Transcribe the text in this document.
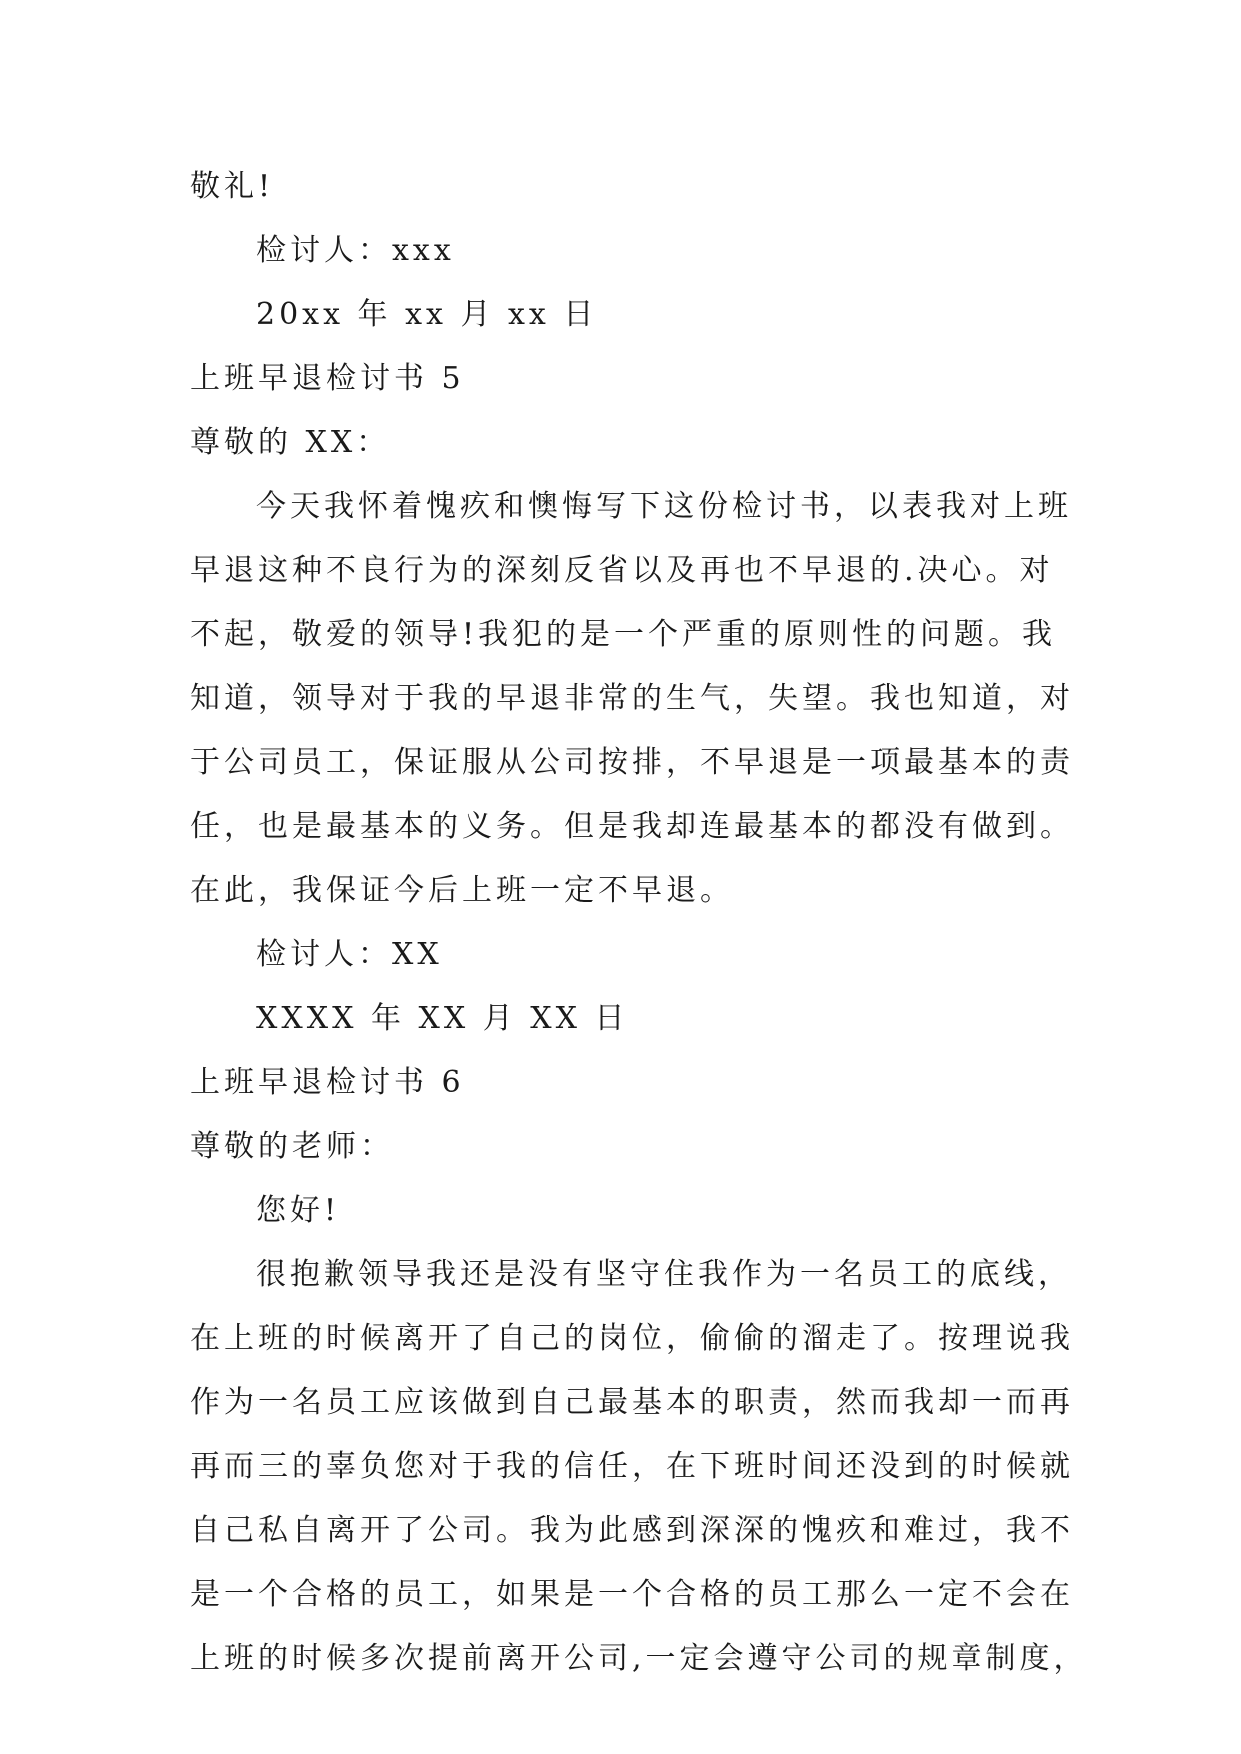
敬礼!
检讨人：xxx
20xx 年 xx 月 xx 日
上班早退检讨书 5
尊敬的 XX：
今天我怀着愧疚和懊悔写下这份检讨书，以表我对上班
早退这种不良行为的深刻反省以及再也不早退的.决心。对
不起，敬爱的领导!我犯的是一个严重的原则性的问题。我
知道，领导对于我的早退非常的生气，失望。我也知道，对
于公司员工，保证服从公司按排，不早退是一项最基本的责
任，也是最基本的义务。但是我却连最基本的都没有做到。
在此，我保证今后上班一定不早退。
检讨人：XX
XXXX 年 XX 月 XX 日
上班早退检讨书 6
尊敬的老师：
您好!
很抱歉领导我还是没有坚守住我作为一名员工的底线，
在上班的时候离开了自己的岗位，偷偷的溜走了。按理说我
作为一名员工应该做到自己最基本的职责，然而我却一而再
再而三的辜负您对于我的信任，在下班时间还没到的时候就
自己私自离开了公司。我为此感到深深的愧疚和难过，我不
是一个合格的员工，如果是一个合格的员工那么一定不会在
上班的时候多次提前离开公司,一定会遵守公司的规章制度，
